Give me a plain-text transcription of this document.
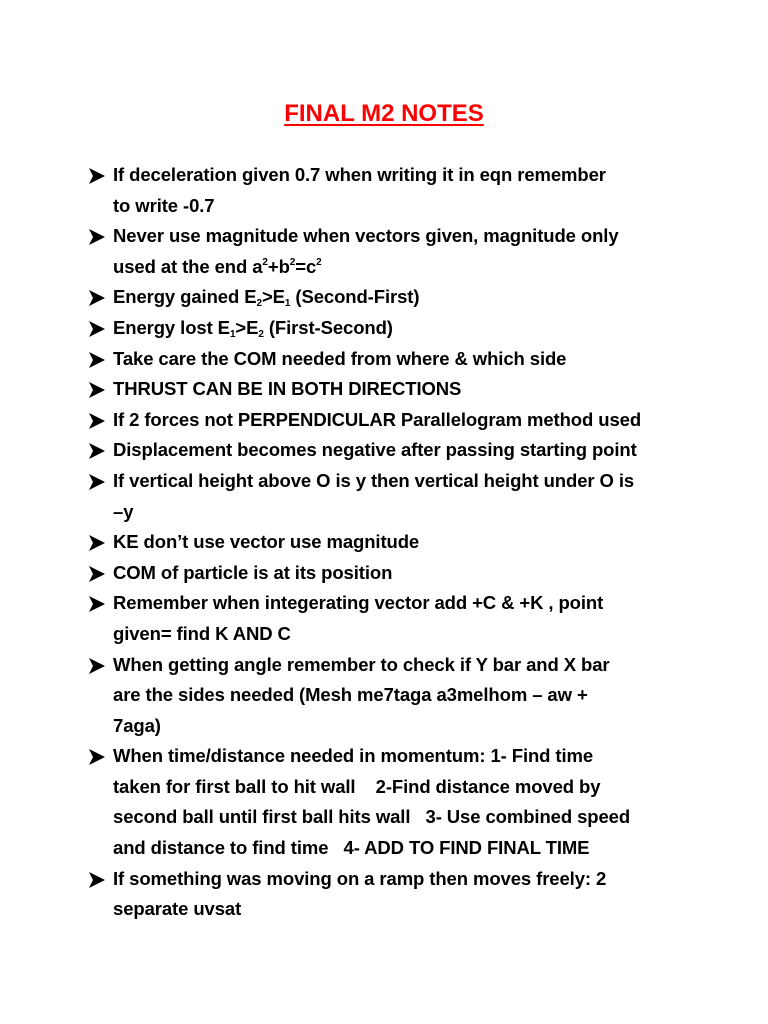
FINAL M2 NOTES
If deceleration given 0.7 when writing it in eqn remember
to write -0.7
Never use magnitude when vectors given, magnitude only
used at the end $a^2+b^2=c^2$
Energy gained $E_2>E_1$ (Second-First)
Energy lost $E_1>E_2$ (First-Second)
Take care the COM needed from where & which side
THRUST CAN BE IN BOTH DIRECTIONS
If 2 forces not PERPENDICULAR Parallelogram method used
Displacement becomes negative after passing starting point
If vertical height above O is y then vertical height under O is
–y
KE don’t use vector use magnitude
COM of particle is at its position
Remember when integerating vector add +C & +K , point
given= find K AND C
When getting angle remember to check if Y bar and X bar
are the sides needed (Mesh me7taga a3melhom – aw +
7aga)
When time/distance needed in momentum: 1- Find time
taken for first ball to hit wall    2-Find distance moved by
second ball until first ball hits wall   3- Use combined speed
and distance to find time   4- ADD TO FIND FINAL TIME
If something was moving on a ramp then moves freely: 2
separate uvsat
